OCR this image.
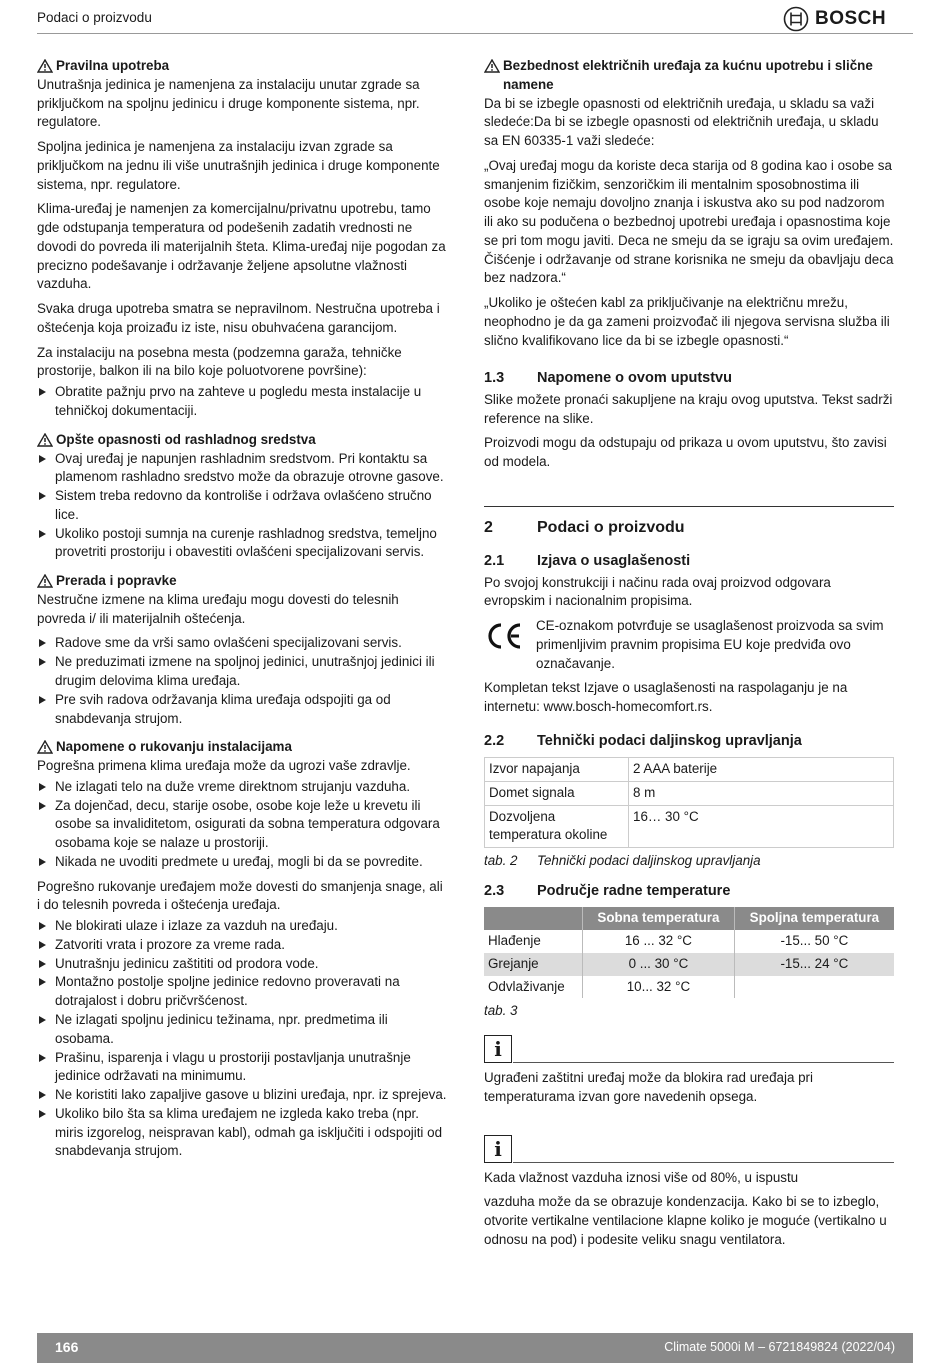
Podaci o proizvodu	BOSCH
Pravilna upotreba

Unutrašnja jedinica je namenjena za instalaciju unutar zgrade sa priključkom na spoljnu jedinicu i druge komponente sistema, npr. regulatore.

Spoljna jedinica je namenjena za instalaciju izvan zgrade sa priključkom na jednu ili više unutrašnjih jedinica i druge komponente sistema, npr. regulatore.

Klima-uređaj je namenjen za komercijalnu/privatnu upotrebu, tamo gde odstupanja temperatura od podešenih zadatih vrednosti ne dovodi do povreda ili materijalnih šteta. Klima-uređaj nije pogodan za precizno podešavanje i održavanje željene apsolutne vlažnosti vazduha.

Svaka druga upotreba smatra se nepravilnom. Nestručna upotreba i oštećenja koja proizađu iz iste, nisu obuhvaćena garancijom.

Za instalaciju na posebna mesta (podzemna garaža, tehničke prostorije, balkon ili na bilo koje poluotvorene površine):

Obratite pažnju prvo na zahteve u pogledu mesta instalacije u tehničkoj dokumentaciji.
Opšte opasnosti od rashladnog sredstva
Ovaj uređaj je napunjen rashladnim sredstvom. Pri kontaktu sa plamenom rashladno sredstvo može da obrazuje otrovne gasove.
Sistem treba redovno da kontroliše i održava ovlašćeno stručno lice.
Ukoliko postoji sumnja na curenje rashladnog sredstva, temeljno provetriti prostoriju i obavestiti ovlašćeni specijalizovani servis.
Prerada i popravke

Nestručne izmene na klima uređaju mogu dovesti do telesnih povreda i/ ili materijalnih oštećenja.

Radove sme da vrši samo ovlašćeni specijalizovani servis.
Ne preduzimati izmene na spoljnoj jedinici, unutrašnjoj jedinici ili drugim delovima klima uređaja.
Pre svih radova održavanja klima uređaja odspojiti ga od snabdevanja strujom.
Napomene o rukovanju instalacijama

Pogrešna primena klima uređaja može da ugrozi vaše zdravlje.

Ne izlagati telo na duže vreme direktnom strujanju vazduha.
Za dojenčad, decu, starije osobe, osobe koje leže u krevetu ili osobe sa invaliditetom, osigurati da sobna temperatura odgovara osobama koje se nalaze u prostoriji.
Nikada ne uvoditi predmete u uređaj, mogli bi da se povredite.

Pogrešno rukovanje uređajem može dovesti do smanjenja snage, ali i do telesnih povreda i oštećenja uređaja.

Ne blokirati ulaze i izlaze za vazduh na uređaju.
Zatvoriti vrata i prozore za vreme rada.
Unutrašnju jedinicu zaštititi od prodora vode.
Montažno postolje spoljne jedinice redovno proveravati na dotrajalost i dobru pričvršćenost.
Ne izlagati spoljnu jedinicu težinama, npr. predmetima ili osobama.
Prašinu, isparenja i vlagu u prostoriji postavljanja unutrašnje jedinice održavati na minimumu.
Ne koristiti lako zapaljive gasove u blizini uređaja, npr. iz sprejeva.
Ukoliko bilo šta sa klima uređajem ne izgleda kako treba (npr. miris izgorelog, neispravan kabl), odmah ga isključiti i odspojiti od snabdevanja strujom.
Bezbednost električnih uređaja za kućnu upotrebu i slične namene

Da bi se izbegle opasnosti od električnih uređaja, u skladu sa važi sledeće:Da bi se izbegle opasnosti od električnih uređaja, u skladu sa EN 60335-1 važi sledeće:

„Ovaj uređaj mogu da koriste deca starija od 8 godina kao i osobe sa smanjenim fizičkim, senzoričkim ili mentalnim sposobnostima ili osobe koje nemaju dovoljno znanja i iskustva ako su pod nadzorom ili ako su podučena o bezbednoj upotrebi uređaja i opasnostima koje se pri tom mogu javiti. Deca ne smeju da se igraju sa ovim uređajem. Čišćenje i održavanje od strane korisnika ne smeju da obavljaju deca bez nadzora.“

„Ukoliko je oštećen kabl za priključivanje na električnu mrežu, neophodno je da ga zameni proizvođač ili njegova servisna služba ili slično kvalifikovano lice da bi se izbegle opasnosti.“

1.3	Napomene o ovom uputstvu

Slike možete pronaći sakupljene na kraju ovog uputstva. Tekst sadrži reference na slike.

Proizvodi mogu da odstupaju od prikaza u ovom uputstvu, što zavisi od modela.

2	Podaci o proizvodu
2.1	Izjava o usaglašenosti

Po svojoj konstrukciji i načinu rada ovaj proizvod odgovara evropskim i nacionalnim propisima.

CE-oznakom potvrđuje se usaglašenost proizvoda sa svim primenljivim pravnim propisima EU koje predviđa ovo označavanje.

Kompletan tekst Izjave o usaglašenosti na raspolaganju je na internetu: www.bosch-homecomfort.rs.

2.2	Tehnički podaci daljinskog upravljanja
Izvor napajanja	2 AAA baterije
Domet signala	8 m
Dozvoljena temperatura okoline	16… 30 °C
tab. 2	Tehnički podaci daljinskog upravljanja
2.3	Područje radne temperature
	Sobna temperatura	Spoljna temperatura
Hlađenje	16 ... 32 °C	-15... 50 °C
Grejanje	0 ... 30 °C	-15... 24 °C
Odvlaživanje	10... 32 °C	
tab. 3
i

Ugrađeni zaštitni uređaj može da blokira rad uređaja pri temperaturama izvan gore navedenih opsega.

i

Kada vlažnost vazduha iznosi više od 80%, u ispustu

vazduha može da se obrazuje kondenzacija. Kako bi se to izbeglo, otvorite vertikalne ventilacione klapne koliko je moguće (vertikalno u odnosu na pod) i podesite veliku snagu ventilatora.

166	Climate 5000i M – 6721849824 (2022/04)
